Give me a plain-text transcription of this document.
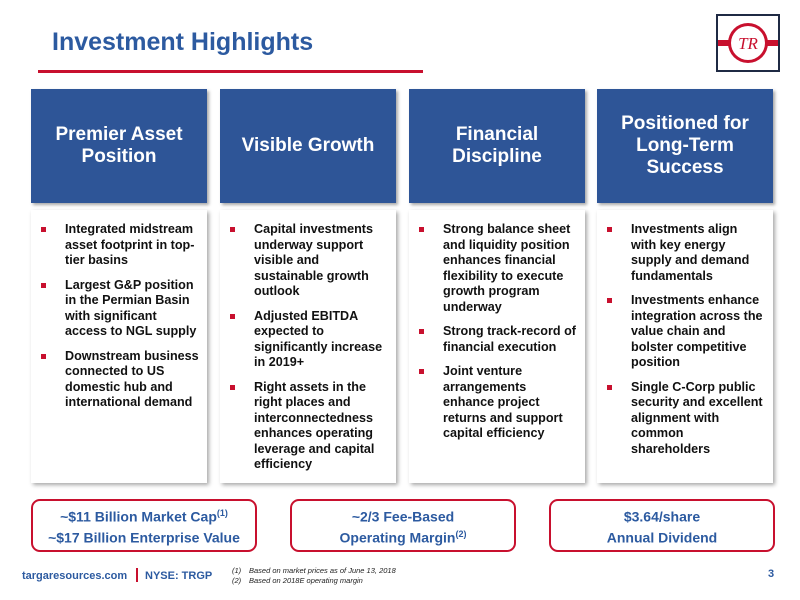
Investment Highlights	TR
Premier Asset Position
Integrated midstream asset footprint in top-tier basins
Largest G&P position in the Permian Basin with significant access to NGL supply
Downstream business connected to US domestic hub and international demand
Visible Growth
Capital investments underway support visible and sustainable growth outlook
Adjusted EBITDA expected to significantly increase in 2019+
Right assets in the right places and interconnectedness enhances operating leverage and capital efficiency
Financial Discipline
Strong balance sheet and liquidity position enhances financial flexibility to execute growth program underway
Strong track-record of financial execution
Joint venture arrangements enhance project returns and support capital efficiency
Positioned for Long-Term Success
Investments align with key energy supply and demand fundamentals
Investments enhance integration across the value chain and bolster competitive position
Single C-Corp public security and excellent alignment with common shareholders
~$11 Billion Market Cap$^{(1)}$
~$17 Billion Enterprise Value
~2/3 Fee-Based
Operating Margin$^{(2)}$
$3.64/share
Annual Dividend
targaresources.com NYSE: TRGP	(1) Based on market prices as of June 13, 2018
(2) Based on 2018E operating margin
3
